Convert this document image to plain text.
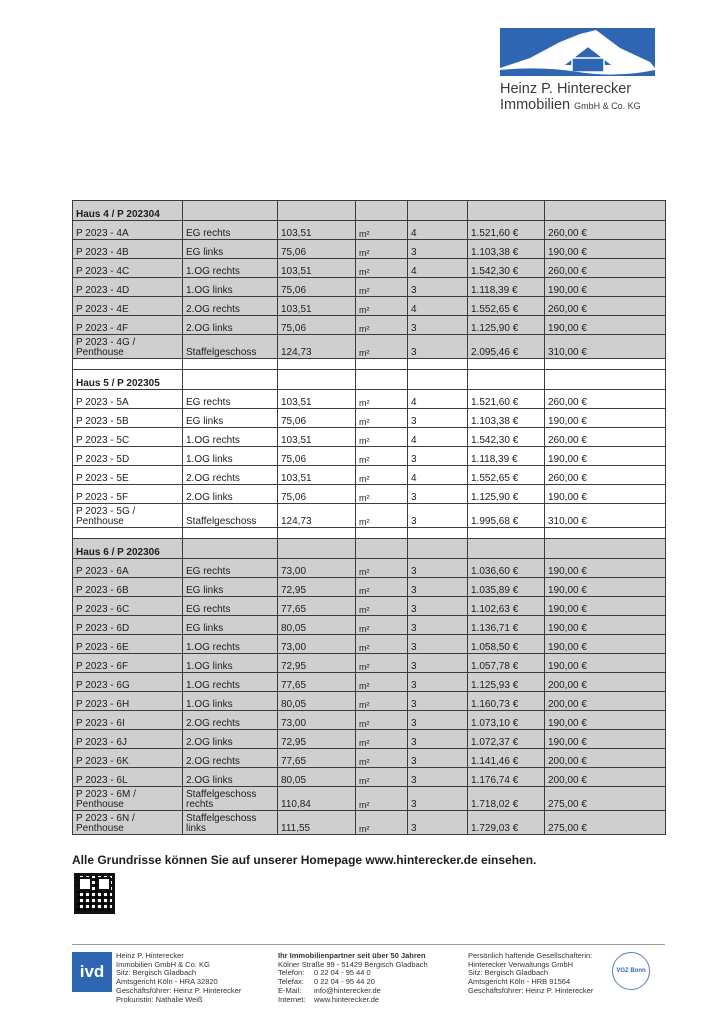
Heinz P. Hinterecker
Immobilien GmbH & Co. KG
Haus 4 / P 202304						
P 2023 - 4A	EG rechts	103,51	m²	4	1.521,60 €	260,00 €
P 2023 - 4B	EG links	75,06	m²	3	1.103,38 €	190,00 €
P 2023 - 4C	1.OG rechts	103,51	m²	4	1.542,30 €	260,00 €
P 2023 - 4D	1.OG links	75,06	m²	3	1.118,39 €	190,00 €
P 2023 - 4E	2.OG rechts	103,51	m²	4	1.552,65 €	260,00 €
P 2023 - 4F	2.OG links	75,06	m²	3	1.125,90 €	190,00 €
P 2023 - 4G / Penthouse	Staffelgeschoss	124,73	m²	3	2.095,46 €	310,00 €

Haus 5 / P 202305						
P 2023 - 5A	EG rechts	103,51	m²	4	1.521,60 €	260,00 €
P 2023 - 5B	EG links	75,06	m²	3	1.103,38 €	190,00 €
P 2023 - 5C	1.OG rechts	103,51	m²	4	1.542,30 €	260,00 €
P 2023 - 5D	1.OG links	75,06	m²	3	1.118,39 €	190,00 €
P 2023 - 5E	2.OG rechts	103,51	m²	4	1.552,65 €	260,00 €
P 2023 - 5F	2.OG links	75,06	m²	3	1.125,90 €	190,00 €
P 2023 - 5G / Penthouse	Staffelgeschoss	124,73	m²	3	1.995,68 €	310,00 €

Haus 6 / P 202306						
P 2023 - 6A	EG rechts	73,00	m²	3	1.036,60 €	190,00 €
P 2023 - 6B	EG links	72,95	m²	3	1.035,89 €	190,00 €
P 2023 - 6C	EG rechts	77,65	m²	3	1.102,63 €	190,00 €
P 2023 - 6D	EG links	80,05	m²	3	1.136,71 €	190,00 €
P 2023 - 6E	1.OG rechts	73,00	m²	3	1.058,50 €	190,00 €
P 2023 - 6F	1.OG links	72,95	m²	3	1.057,78 €	190,00 €
P 2023 - 6G	1.OG rechts	77,65	m²	3	1.125,93 €	200,00 €
P 2023 - 6H	1.OG links	80,05	m²	3	1.160,73 €	200,00 €
P 2023 - 6I	2.OG rechts	73,00	m²	3	1.073,10 €	190,00 €
P 2023 - 6J	2.OG links	72,95	m²	3	1.072,37 €	190,00 €
P 2023 - 6K	2.OG rechts	77,65	m²	3	1.141,46 €	200,00 €
P 2023 - 6L	2.OG links	80,05	m²	3	1.176,74 €	200,00 €
P 2023 - 6M / Penthouse	Staffelgeschoss rechts	110,84	m²	3	1.718,02 €	275,00 €
P 2023 - 6N / Penthouse	Staffelgeschoss links	111,55	m²	3	1.729,03 €	275,00 €
Alle Grundrisse können Sie auf unserer Homepage www.hinterecker.de einsehen.
ivd
Heinz P. Hinterecker
Immobilien GmbH & Co. KG
Sitz: Bergisch Gladbach
Amtsgericht Köln - HRA 32820
Geschäftsführer: Heinz P. Hinterecker
Prokuristin: Nathalie Weiß
Ihr Immobilienpartner seit über 50 Jahren
Kölner Straße 99 - 51429 Bergisch Gladbach
Telefon: 0 22 04 - 95 44 0
Telefax: 0 22 04 - 95 44 20
E-Mail: info@hinterecker.de
Internet: www.hinterecker.de
Persönlich haftende Gesellschafterin:
Hinterecker Verwaltungs GmbH
Sitz: Bergisch Gladbach
Amtsgericht Köln - HRB 91564
Geschäftsführer: Heinz P. Hinterecker
VGZ Bonn
